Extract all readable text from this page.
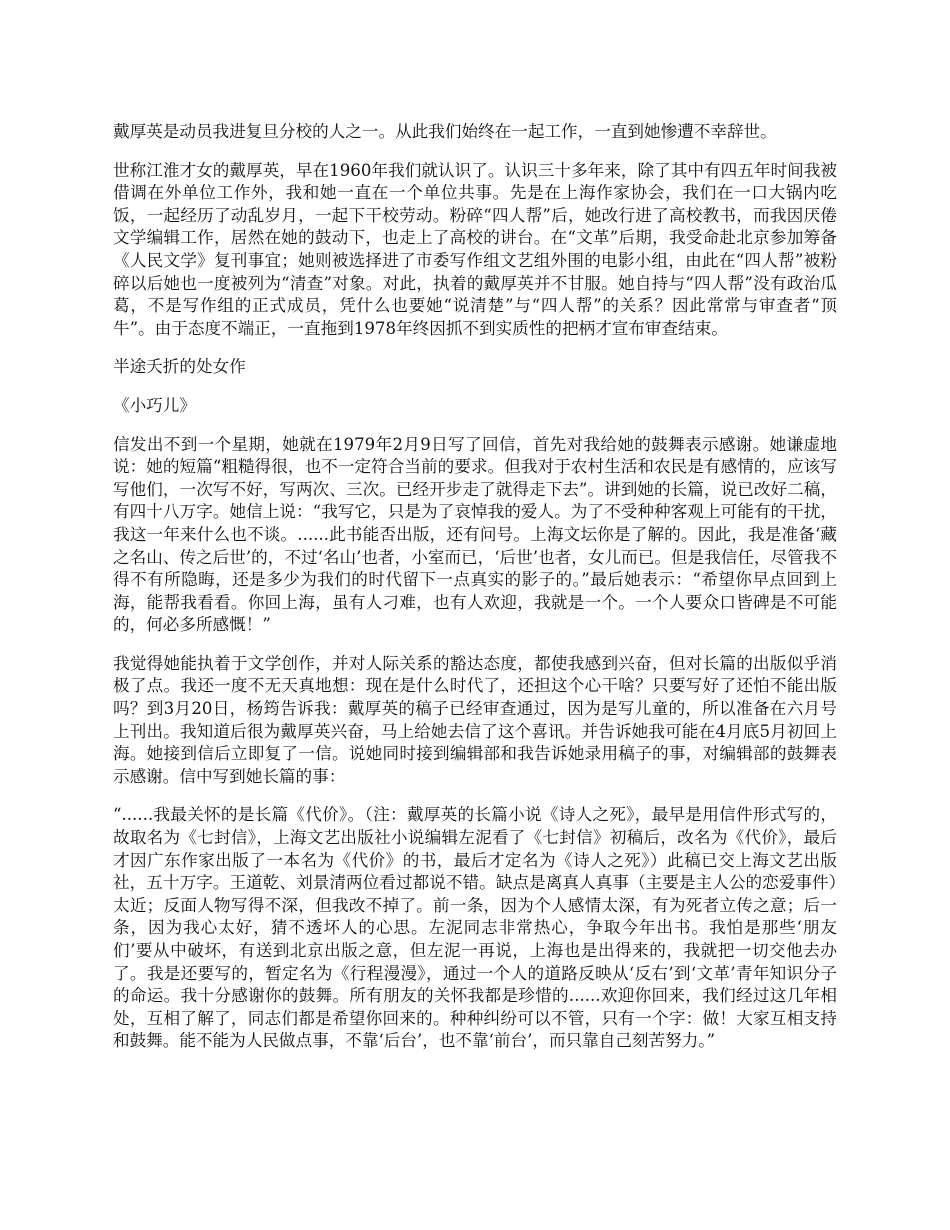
戴厚英是动员我进复旦分校的人之一。从此我们始终在一起工作，一直到她惨遭不幸辞世。

世称江淮才女的戴厚英，早在1960年我们就认识了。认识三十多年来，除了其中有四五年时间我被借调在外单位工作外，我和她一直在一个单位共事。先是在上海作家协会，我们在一口大锅内吃饭，一起经历了动乱岁月，一起下干校劳动。粉碎“四人帮”后，她改行进了高校教书，而我因厌倦文学编辑工作，居然在她的鼓动下，也走上了高校的讲台。在“文革”后期，我受命赴北京参加筹备《人民文学》复刊事宜；她则被选择进了市委写作组文艺组外围的电影小组，由此在“四人帮”被粉碎以后她也一度被列为“清查”对象。对此，执着的戴厚英并不甘服。她自持与“四人帮”没有政治瓜葛，不是写作组的正式成员，凭什么也要她“说清楚”与“四人帮”的关系？因此常常与审查者“顶牛”。由于态度不端正，一直拖到1978年终因抓不到实质性的把柄才宣布审查结束。

半途夭折的处女作

《小巧儿》

信发出不到一个星期，她就在1979年2月9日写了回信，首先对我给她的鼓舞表示感谢。她谦虚地说：她的短篇“粗糙得很，也不一定符合当前的要求。但我对于农村生活和农民是有感情的，应该写写他们，一次写不好，写两次、三次。已经开步走了就得走下去”。讲到她的长篇，说已改好二稿，有四十八万字。她信上说：“我写它，只是为了哀悼我的爱人。为了不受种种客观上可能有的干扰，我这一年来什么也不谈。......此书能否出版，还有问号。上海文坛你是了解的。因此，我是准备‘藏之名山、传之后世’的，不过‘名山’也者，小室而已，‘后世’也者，女儿而已。但是我信任，尽管我不得不有所隐晦，还是多少为我们的时代留下一点真实的影子的。”最后她表示：“希望你早点回到上海，能帮我看看。你回上海，虽有人刁难，也有人欢迎，我就是一个。一个人要众口皆碑是不可能的，何必多所感慨！”

我觉得她能执着于文学创作，并对人际关系的豁达态度，都使我感到兴奋，但对长篇的出版似乎消极了点。我还一度不无天真地想：现在是什么时代了，还担这个心干啥？只要写好了还怕不能出版吗？到3月20日，杨筠告诉我：戴厚英的稿子已经审查通过，因为是写儿童的，所以准备在六月号上刊出。我知道后很为戴厚英兴奋，马上给她去信了这个喜讯。并告诉她我可能在4月底5月初回上海。她接到信后立即复了一信。说她同时接到编辑部和我告诉她录用稿子的事，对编辑部的鼓舞表示感谢。信中写到她长篇的事：

“......我最关怀的是长篇《代价》。（注：戴厚英的长篇小说《诗人之死》，最早是用信件形式写的，故取名为《七封信》，上海文艺出版社小说编辑左泥看了《七封信》初稿后，改名为《代价》，最后才因广东作家出版了一本名为《代价》的书，最后才定名为《诗人之死》）此稿已交上海文艺出版社，五十万字。王道乾、刘景清两位看过都说不错。缺点是离真人真事（主要是主人公的恋爱事件）太近；反面人物写得不深，但我改不掉了。前一条，因为个人感情太深，有为死者立传之意；后一条，因为我心太好，猜不透坏人的心思。左泥同志非常热心，争取今年出书。我怕是那些‘朋友们’要从中破坏，有送到北京出版之意，但左泥一再说，上海也是出得来的，我就把一切交他去办了。我是还要写的，暂定名为《行程漫漫》，通过一个人的道路反映从‘反右’到‘文革’青年知识分子的命运。我十分感谢你的鼓舞。所有朋友的关怀我都是珍惜的......欢迎你回来，我们经过这几年相处，互相了解了，同志们都是希望你回来的。种种纠纷可以不管，只有一个字：做！大家互相支持和鼓舞。能不能为人民做点事，不靠‘后台’，也不靠‘前台’，而只靠自己刻苦努力。”
